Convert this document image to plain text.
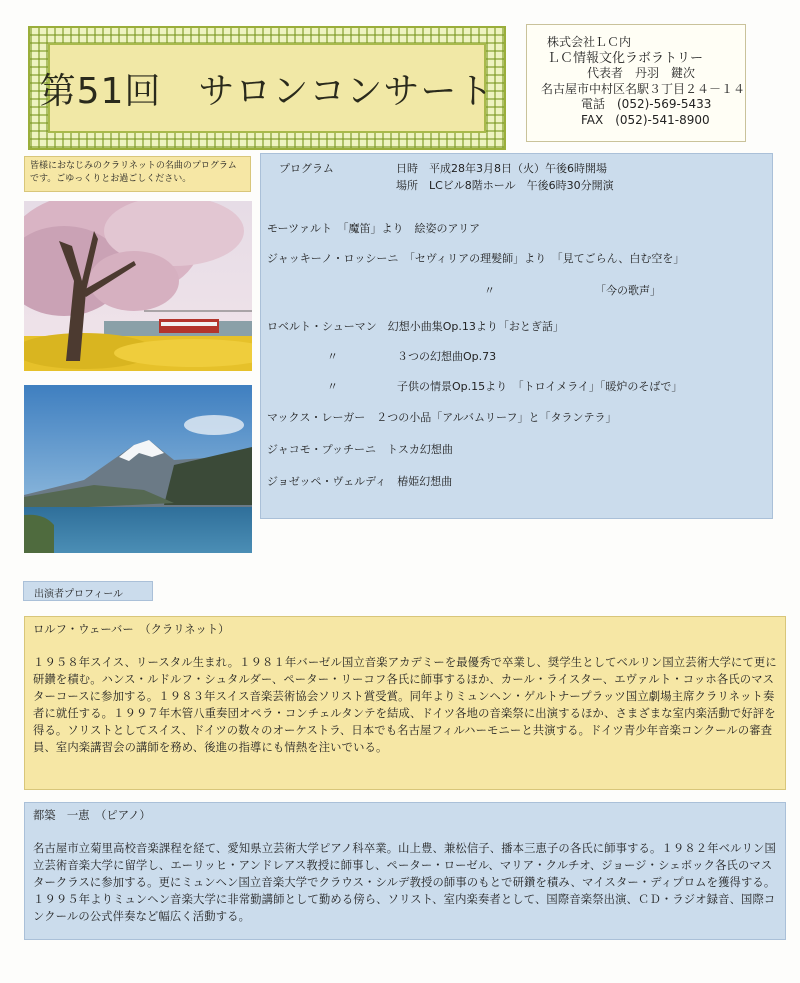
第51回　サロンコンサート
株式会社ＬＣ内
ＬＣ情報文化ラボラトリー
代表者　丹羽　鍵次
名古屋市中村区名駅３丁目２４－１４
電話　(052)-569-5433
FAX　(052)-541-8900
皆様におなじみのクラリネットの名曲のプログラムです。ごゆっくりとお過ごしください。
プログラム	日時　平成28年3月8日（火）午後6時開場
場所　LCビル8階ホール　午後6時30分開演
モーツァルト　「魔笛」より　絵姿のアリア
ジャッキーノ・ロッシーニ　「セヴィリアの理髪師」より　「見てごらん、白む空を」
〃	「今の歌声」
ロベルト・シューマン　幻想小曲集Op.13より「おとぎ話」
〃	３つの幻想曲Op.73
〃	子供の情景Op.15より　「トロイメライ」「暖炉のそばで」
マックス・レーガー　２つの小品「アルバムリーフ」と「タランテラ」
ジャコモ・プッチーニ　トスカ幻想曲
ジョゼッペ・ヴェルディ　椿姫幻想曲
出演者プロフィール
ロルフ・ウェーバー　（クラリネット）
１９５８年スイス、リースタル生まれ。１９８１年バーゼル国立音楽アカデミーを最優秀で卒業し、奨学生としてベルリン国立芸術大学にて更に研鑽を積む。ハンス・ルドルフ・シュタルダー、ペーター・リーコフ各氏に師事するほか、カール・ライスター、エヴァルト・コッホ各氏のマスターコースに参加する。１９８３年スイス音楽芸術協会ソリスト賞受賞。同年よりミュンヘン・ゲルトナープラッツ国立劇場主席クラリネット奏者に就任する。１９９７年木管八重奏団オペラ・コンチェルタンテを結成、ドイツ各地の音楽祭に出演するほか、さまざまな室内楽活動で好評を得る。ソリストとしてスイス、ドイツの数々のオーケストラ、日本でも名古屋フィルハーモニーと共演する。ドイツ青少年音楽コンクールの審査員、室内楽講習会の講師を務め、後進の指導にも情熱を注いでいる。
都築　一恵　（ピアノ）
名古屋市立菊里高校音楽課程を経て、愛知県立芸術大学ピアノ科卒業。山上豊、兼松信子、播本三恵子の各氏に師事する。１９８２年ベルリン国立芸術音楽大学に留学し、エーリッヒ・アンドレアス教授に師事し、ペーター・ローゼル、マリア・クルチオ、ジョージ・シェボック各氏のマスタークラスに参加する。更にミュンヘン国立音楽大学でクラウス・シルデ教授の師事のもとで研鑽を積み、マイスター・ディプロムを獲得する。１９９５年よりミュンヘン音楽大学に非常勤講師として勤める傍ら、ソリスト、室内楽奏者として、国際音楽祭出演、ＣＤ・ラジオ録音、国際コンクールの公式伴奏など幅広く活動する。
